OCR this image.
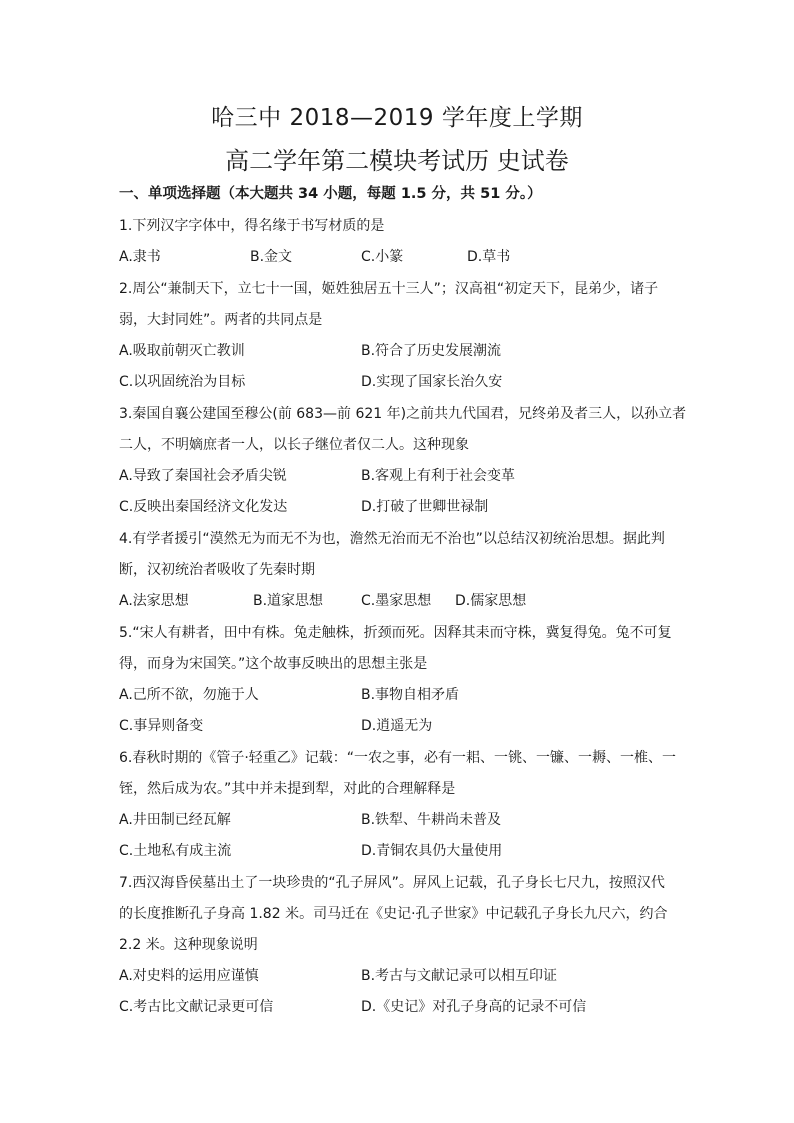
哈三中 2018—2019 学年度上学期
高二学年第二模块考试历 史试卷
一、单项选择题（本大题共 34 小题，每题 1.5 分，共 51 分。）
1.下列汉字字体中，得名缘于书写材质的是
A.隶书	B.金文	C.小篆	D.草书
2.周公“兼制天下，立七十一国，姬姓独居五十三人”；汉高祖“初定天下，昆弟少，诸子
弱，大封同姓”。两者的共同点是
A.吸取前朝灭亡教训	B.符合了历史发展潮流
C.以巩固统治为目标	D.实现了国家长治久安
3.秦国自襄公建国至穆公(前 683—前 621 年)之前共九代国君，兄终弟及者三人，以孙立者
二人，不明嫡庶者一人，以长子继位者仅二人。这种现象
A.导致了秦国社会矛盾尖锐	B.客观上有利于社会变革
C.反映出秦国经济文化发达	D.打破了世卿世禄制
4.有学者援引“漠然无为而无不为也，澹然无治而无不治也”以总结汉初统治思想。据此判
断，汉初统治者吸收了先秦时期
A.法家思想	B.道家思想	C.墨家思想 D.儒家思想
5.“宋人有耕者，田中有株。兔走触株，折颈而死。因释其耒而守株，冀复得兔。兔不可复
得，而身为宋国笑。”这个故事反映出的思想主张是
A.己所不欲，勿施于人	B.事物自相矛盾
C.事异则备变	D.逍遥无为
6.春秋时期的《管子·轻重乙》记载：“一农之事，必有一耜、一铫、一镰、一耨、一椎、一
铚，然后成为农。”其中并未提到犁，对此的合理解释是
A.井田制已经瓦解	B.铁犁、牛耕尚未普及
C.土地私有成主流	D.青铜农具仍大量使用
7.西汉海昏侯墓出土了一块珍贵的“孔子屏风”。屏风上记载，孔子身长七尺九，按照汉代
的长度推断孔子身高 1.82 米。司马迁在《史记·孔子世家》中记载孔子身长九尺六，约合
2.2 米。这种现象说明
A.对史料的运用应谨慎	B.考古与文献记录可以相互印证
C.考古比文献记录更可信	D.《史记》对孔子身高的记录不可信
